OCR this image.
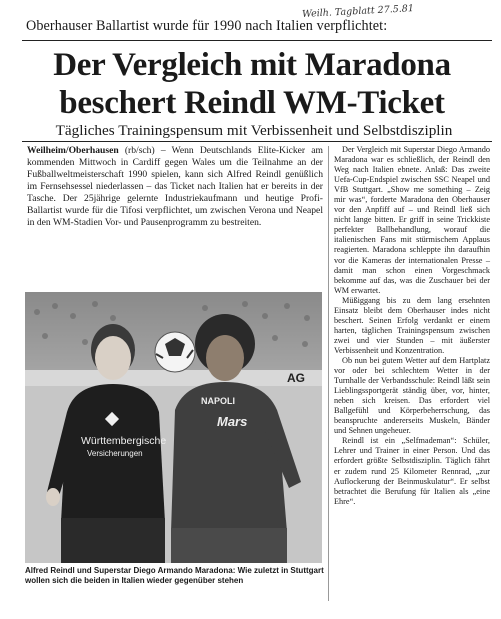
Weilh. Tagblatt 27.5.81
Oberhauser Ballartist wurde für 1990 nach Italien verpflichtet:
Der Vergleich mit Maradona
beschert Reindl WM-Ticket
Tägliches Trainingspensum mit Verbissenheit und Selbstdisziplin
Weilheim/Oberhausen (rb/sch) – Wenn Deutschlands Elite-Kicker am kommenden Mittwoch in Cardiff gegen Wales um die Teilnahme an der Fußballweltmeisterschaft 1990 spielen, kann sich Alfred Reindl genüßlich im Fernsehsessel niederlassen – das Ticket nach Italien hat er bereits in der Tasche. Der 25jährige gelernte Industriekaufmann und heutige Profi-Ballartist wurde für die Tifosi verpflichtet, um zwischen Verona und Neapel in den WM-Stadien Vor- und Pausenprogramm zu bestreiten.

Der Vergleich mit Superstar Diego Armando Maradona war es schließlich, der Reindl den Weg nach Italien ebnete. Anlaß: Das zweite Uefa-Cup-Endspiel zwischen SSC Neapel und VfB Stuttgart. „Show me something – Zeig mir was“, forderte Maradona den Oberhauser vor den Anpfiff auf – und Reindl ließ sich nicht lange bitten. Er griff in seine Trickkiste perfekter Ballbehandlung, worauf die italienischen Fans mit stürmischem Applaus reagierten. Maradona schleppte ihn daraufhin vor die Kameras der internationalen Presse – damit man schon einen Vorgeschmack bekomme auf das, was die Zuschauer bei der WM erwartet.

Müßiggang bis zu dem lang ersehnten Einsatz bleibt dem Oberhauser indes nicht beschert. Seinen Erfolg verdankt er einem harten, täglichen Trainingspensum zwischen zwei und vier Stunden – mit äußerster Verbissenheit und Konzentration.

Ob nun bei gutem Wetter auf dem Hartplatz vor oder bei schlechtem Wetter in der Turnhalle der Verbandsschule: Reindl läßt sein Lieblingssportgerät ständig über, vor, hinter, neben sich kreisen. Das erfordert viel Ballgefühl und Körperbeherrschung, das beanspruchte andererseits Muskeln, Bänder und Sehnen ungeheuer.

Reindl ist ein „Selfmademan“: Schüler, Lehrer und Trainer in einer Person. Und das erfordert größte Selbstdisziplin. Täglich fährt er zudem rund 25 Kilometer Rennrad, „zur Auflockerung der Beinmuskulatur“. Er selbst betrachtet die Berufung für Italien als „eine Ehre“.

AG
Württembergische
Versicherungen
NAPOLI
Mars
Alfred Reindl und Superstar Diego Armando Maradona: Wie zuletzt in Stuttgart wollen sich die beiden in Italien wieder gegenüber stehen
